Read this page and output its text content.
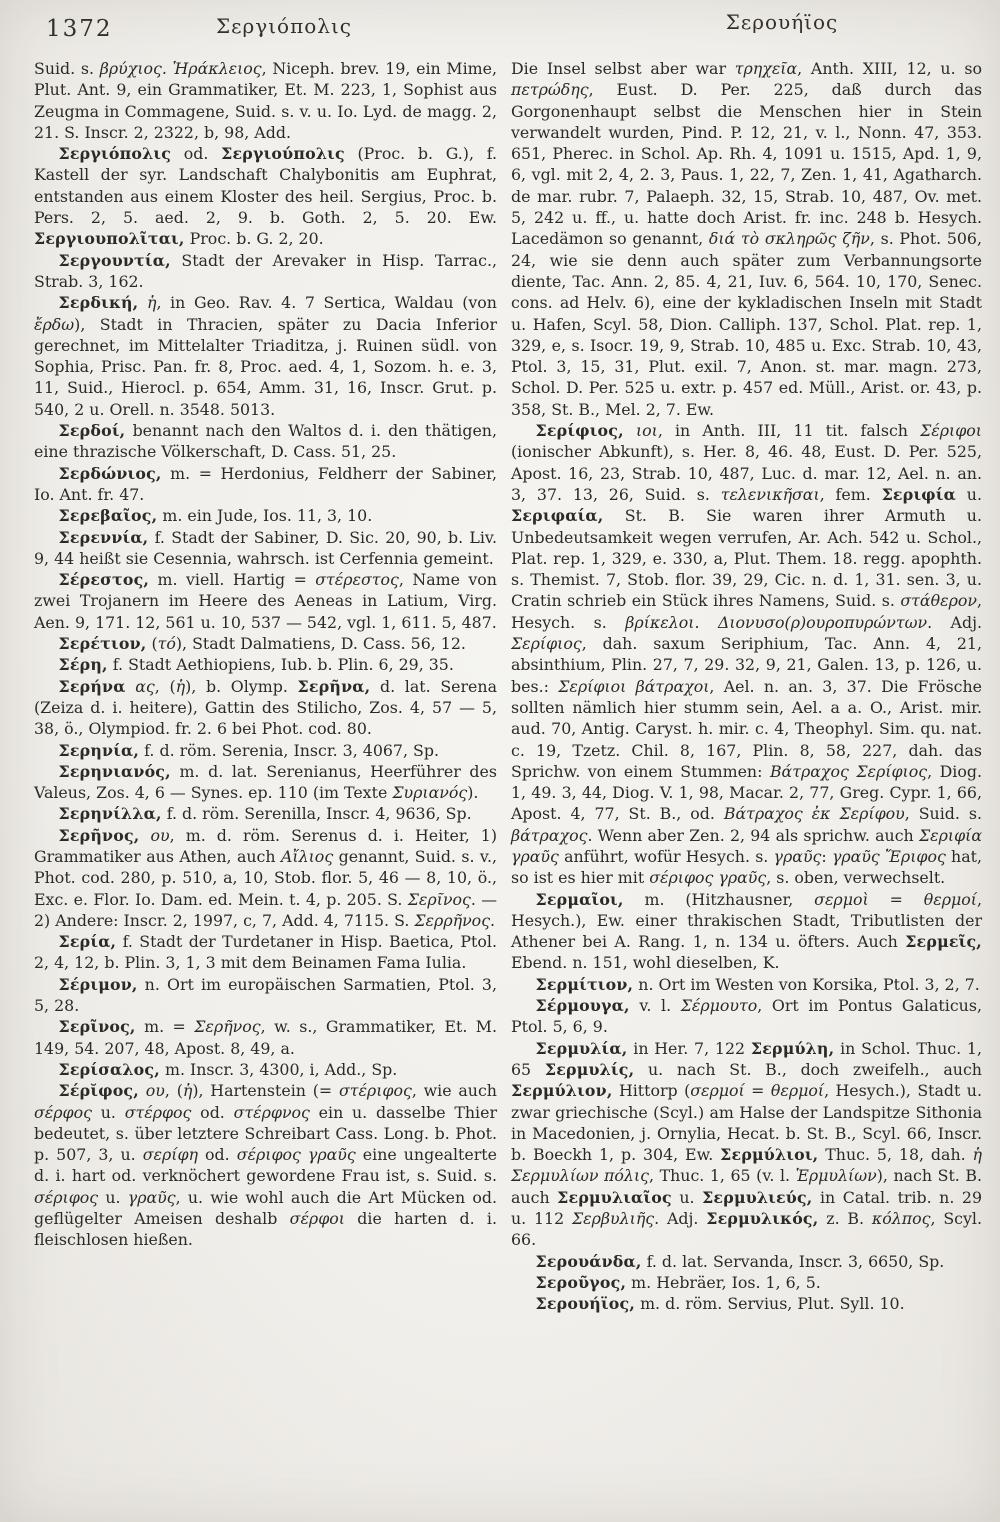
1372	Σεργιόπολις	Σερουήϊος

Suid. s. βρύχιος. Ἡράκλειος, Niceph. brev. 19, ein Mime, Plut. Ant. 9, ein Grammatiker, Et. M. 223, 1, Sophist aus Zeugma in Commagene, Suid. s. v. u. Io. Lyd. de magg. 2, 21. S. Inscr. 2, 2322, b, 98, Add.

Σεργιόπολις od. Σεργιούπολις (Proc. b. G.), f. Kastell der syr. Landschaft Chalybonitis am Euphrat, entstanden aus einem Kloster des heil. Sergius, Proc. b. Pers. 2, 5. aed. 2, 9. b. Goth. 2, 5. 20. Ew. Σεργιουπολῖται, Proc. b. G. 2, 20.

Σεργουντία, Stadt der Arevaker in Hisp. Tarrac., Strab. 3, 162.

Σερδική, ἡ, in Geo. Rav. 4. 7 Sertica, Waldau (von ἔρδω), Stadt in Thracien, später zu Dacia Inferior gerechnet, im Mittelalter Triaditza, j. Ruinen südl. von Sophia, Prisc. Pan. fr. 8, Proc. aed. 4, 1, Sozom. h. e. 3, 11, Suid., Hierocl. p. 654, Amm. 31, 16, Inscr. Grut. p. 540, 2 u. Orell. n. 3548. 5013.

Σερδοί, benannt nach den Waltos d. i. den thätigen, eine thrazische Völkerschaft, D. Cass. 51, 25.

Σερδώνιος, m. = Herdonius, Feldherr der Sabiner, Io. Ant. fr. 47.

Σερεβαῖος, m. ein Jude, Ios. 11, 3, 10.

Σερεννία, f. Stadt der Sabiner, D. Sic. 20, 90, b. Liv. 9, 44 heißt sie Cesennia, wahrsch. ist Cerfennia gemeint.

Σέρεστος, m. viell. Hartig = στέρεστος, Name von zwei Trojanern im Heere des Aeneas in Latium, Virg. Aen. 9, 171. 12, 561 u. 10, 537 — 542, vgl. 1, 611. 5, 487.

Σερέτιον, (τό), Stadt Dalmatiens, D. Cass. 56, 12.

Σέρη, f. Stadt Aethiopiens, Iub. b. Plin. 6, 29, 35.

Σερήνα ας, (ἡ), b. Olymp. Σερῆνα, d. lat. Serena (Zeiza d. i. heitere), Gattin des Stilicho, Zos. 4, 57 — 5, 38, ö., Olympiod. fr. 2. 6 bei Phot. cod. 80.

Σερηνία, f. d. röm. Serenia, Inscr. 3, 4067, Sp.

Σερηνιανός, m. d. lat. Serenianus, Heerführer des Valeus, Zos. 4, 6 — Synes. ep. 110 (im Texte Συριανός).

Σερηνίλλα, f. d. röm. Serenilla, Inscr. 4, 9636, Sp.

Σερῆνος, ου, m. d. röm. Serenus d. i. Heiter, 1) Grammatiker aus Athen, auch Αἴλιος genannt, Suid. s. v., Phot. cod. 280, p. 510, a, 10, Stob. flor. 5, 46 — 8, 10, ö., Exc. e. Flor. Io. Dam. ed. Mein. t. 4, p. 205. S. Σερῖνος. — 2) Andere: Inscr. 2, 1997, c, 7, Add. 4, 7115. S. Σερρῆνος.

Σερία, f. Stadt der Turdetaner in Hisp. Baetica, Ptol. 2, 4, 12, b. Plin. 3, 1, 3 mit dem Beinamen Fama Iulia.

Σέριμον, n. Ort im europäischen Sarmatien, Ptol. 3, 5, 28.

Σερῖνος, m. = Σερῆνος, w. s., Grammatiker, Et. M. 149, 54. 207, 48, Apost. 8, 49, a.

Σερίσαλος, m. Inscr. 3, 4300, i, Add., Sp.

Σέρῐφος, ου, (ἡ), Hartenstein (= στέριφος, wie auch σέρφος u. στέρφος od. στέρφνος ein u. dasselbe Thier bedeutet, s. über letztere Schreibart Cass. Long. b. Phot. p. 507, 3, u. σερίφη od. σέριφος γραῦς eine ungealterte d. i. hart od. verknöchert gewordene Frau ist, s. Suid. s. σέριφος u. γραῦς, u. wie wohl auch die Art Mücken od. geflügelter Ameisen deshalb σέρφοι die harten d. i. fleischlosen hießen.

Die Insel selbst aber war τρηχεῖα, Anth. XIII, 12, u. so πετρώδης, Eust. D. Per. 225, daß durch das Gorgonenhaupt selbst die Menschen hier in Stein verwandelt wurden, Pind. P. 12, 21, v. l., Nonn. 47, 353. 651, Pherec. in Schol. Ap. Rh. 4, 1091 u. 1515, Apd. 1, 9, 6, vgl. mit 2, 4, 2. 3, Paus. 1, 22, 7, Zen. 1, 41, Agatharch. de mar. rubr. 7, Palaeph. 32, 15, Strab. 10, 487, Ov. met. 5, 242 u. ff., u. hatte doch Arist. fr. inc. 248 b. Hesych. Lacedämon so genannt, διά τὸ σκληρῶς ζῆν, s. Phot. 506, 24, wie sie denn auch später zum Verbannungsorte diente, Tac. Ann. 2, 85. 4, 21, Iuv. 6, 564. 10, 170, Senec. cons. ad Helv. 6), eine der kykladischen Inseln mit Stadt u. Hafen, Scyl. 58, Dion. Calliph. 137, Schol. Plat. rep. 1, 329, e, s. Isocr. 19, 9, Strab. 10, 485 u. Exc. Strab. 10, 43, Ptol. 3, 15, 31, Plut. exil. 7, Anon. st. mar. magn. 273, Schol. D. Per. 525 u. extr. p. 457 ed. Müll., Arist. or. 43, p. 358, St. B., Mel. 2, 7. Ew.

Σερίφιος, ιοι, in Anth. III, 11 tit. falsch Σέριφοι (ionischer Abkunft), s. Her. 8, 46. 48, Eust. D. Per. 525, Apost. 16, 23, Strab. 10, 487, Luc. d. mar. 12, Ael. n. an. 3, 37. 13, 26, Suid. s. τελενικῆσαι, fem. Σεριφία u. Σεριφαία, St. B. Sie waren ihrer Armuth u. Unbedeutsamkeit wegen verrufen, Ar. Ach. 542 u. Schol., Plat. rep. 1, 329, e. 330, a, Plut. Them. 18. regg. apophth. s. Themist. 7, Stob. flor. 39, 29, Cic. n. d. 1, 31. sen. 3, u. Cratin schrieb ein Stück ihres Namens, Suid. s. στάθερον, Hesych. s. βρίκελοι. Διονυσο(ρ)ουροπυρώντων. Adj. Σερίφιος, dah. saxum Seriphium, Tac. Ann. 4, 21, absinthium, Plin. 27, 7, 29. 32, 9, 21, Galen. 13, p. 126, u. bes.: Σερίφιοι βάτραχοι, Ael. n. an. 3, 37. Die Frösche sollten nämlich hier stumm sein, Ael. a a. O., Arist. mir. aud. 70, Antig. Caryst. h. mir. c. 4, Theophyl. Sim. qu. nat. c. 19, Tzetz. Chil. 8, 167, Plin. 8, 58, 227, dah. das Sprichw. von einem Stummen: Βάτραχος Σερίφιος, Diog. 1, 49. 3, 44, Diog. V. 1, 98, Macar. 2, 77, Greg. Cypr. 1, 66, Apost. 4, 77, St. B., od. Βάτραχος ἐκ Σερίφου, Suid. s. βάτραχος. Wenn aber Zen. 2, 94 als sprichw. auch Σεριφία γραῦς anführt, wofür Hesych. s. γραῦς: γραῦς Ἔριφος hat, so ist es hier mit σέριφος γραῦς, s. oben, verwechselt.

Σερμαῖοι, m. (Hitzhausner, σερμοὶ = θερμοί, Hesych.), Ew. einer thrakischen Stadt, Tributlisten der Athener bei A. Rang. 1, n. 134 u. öfters. Auch Σερμεῖς, Ebend. n. 151, wohl dieselben, K.

Σερμίτιον, n. Ort im Westen von Korsika, Ptol. 3, 2, 7.

Σέρμουγα, v. l. Σέρμουτο, Ort im Pontus Galaticus, Ptol. 5, 6, 9.

Σερμυλία, in Her. 7, 122 Σερμύλη, in Schol. Thuc. 1, 65 Σερμυλίς, u. nach St. B., doch zweifelh., auch Σερμύλιον, Hittorp (σερμοί = θερμοί, Hesych.), Stadt u. zwar griechische (Scyl.) am Halse der Landspitze Sithonia in Macedonien, j. Ornylia, Hecat. b. St. B., Scyl. 66, Inscr. b. Boeckh 1, p. 304, Ew. Σερμύλιοι, Thuc. 5, 18, dah. ἡ Σερμυλίων πόλις, Thuc. 1, 65 (v. l. Ἑρμυλίων), nach St. B. auch Σερμυλιαῖος u. Σερμυλιεύς, in Catal. trib. n. 29 u. 112 Σερβυλιῆς. Adj. Σερμυλικός, z. B. κόλπος, Scyl. 66.

Σερουάνδα, f. d. lat. Servanda, Inscr. 3, 6650, Sp.

Σεροῦγος, m. Hebräer, Ios. 1, 6, 5.

Σερουήϊος, m. d. röm. Servius, Plut. Syll. 10.
